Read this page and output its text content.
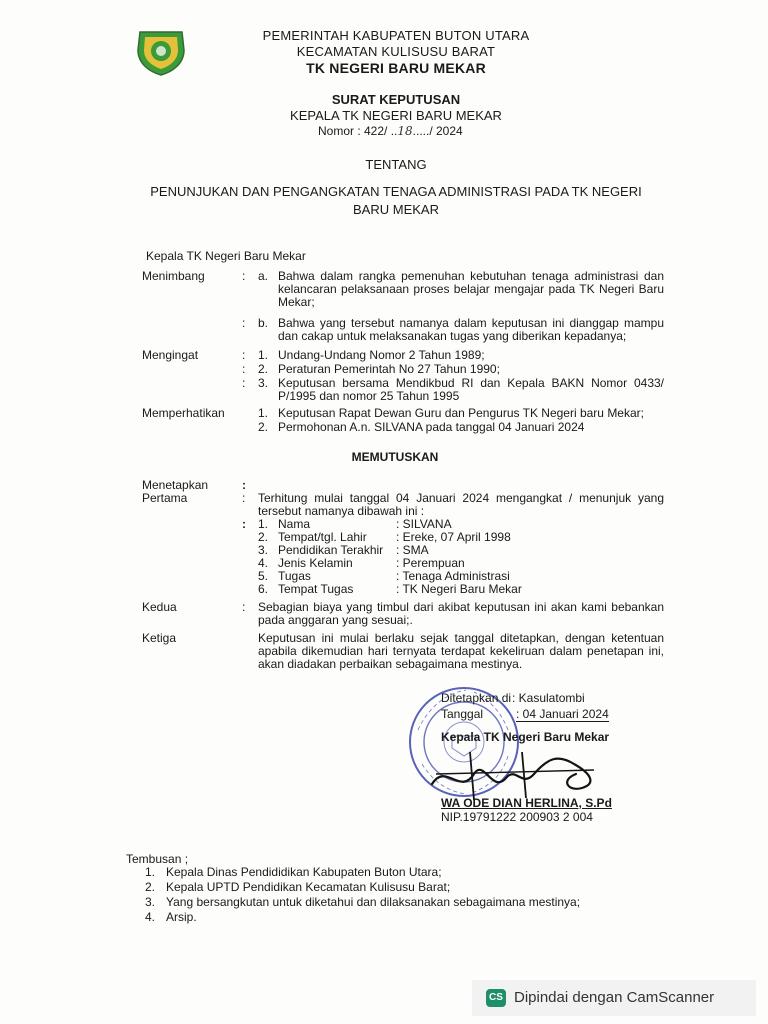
PEMERINTAH KABUPATEN BUTON UTARA
KECAMATAN KULISUSU BARAT
TK NEGERI BARU MEKAR
SURAT KEPUTUSAN
KEPALA TK NEGERI BARU MEKAR
Nomor : 422/ ..18...../ 2024
TENTANG
PENUNJUKAN DAN PENGANGKATAN TENAGA ADMINISTRASI PADA TK NEGERI
BARU MEKAR
Kepala TK Negeri Baru Mekar
Menimbang	: a. Bahwa dalam rangka pemenuhan kebutuhan tenaga administrasi dan kelancaran pelaksanaan proses belajar mengajar pada TK Negeri Baru Mekar;
: b. Bahwa yang tersebut namanya dalam keputusan ini dianggap mampu dan cakap untuk melaksanakan tugas yang diberikan kepadanya;
Mengingat	: 1. Undang-Undang Nomor 2 Tahun 1989;
: 2. Peraturan Pemerintah No 27 Tahun 1990;
: 3. Keputusan bersama Mendikbud RI dan Kepala BAKN Nomor 0433/ P/1995 dan nomor 25 Tahun 1995
Memperhatikan	1. Keputusan Rapat Dewan Guru dan Pengurus TK Negeri baru Mekar;
2. Permohonan A.n. SILVANA pada tanggal 04 Januari 2024
MEMUTUSKAN
Menetapkan	:
Pertama	: Terhitung mulai tanggal 04 Januari 2024 mengangkat / menunjuk yang tersebut namanya dibawah ini :
: 1. Nama	: SILVANA
2. Tempat/tgl. Lahir : Ereke, 07 April 1998
3. Pendidikan Terakhir : SMA
4. Jenis Kelamin	: Perempuan
5. Tugas	: Tenaga Administrasi
6. Tempat Tugas	: TK Negeri Baru Mekar
Kedua	: Sebagian biaya yang timbul dari akibat keputusan ini akan kami bebankan pada anggaran yang sesuai;.
Ketiga	Keputusan ini mulai berlaku sejak tanggal ditetapkan, dengan ketentuan apabila dikemudian hari ternyata terdapat kekeliruan dalam penetapan ini, akan diadakan perbaikan sebagaimana mestinya.
Ditetapkan di : Kasulatombi
Tanggal	: 04 Januari 2024
Kepala TK Negeri Baru Mekar
WA ODE DIAN HERLINA, S.Pd
NIP.19791222 200903 2 004
Tembusan ;
1. Kepala Dinas Pendididikan Kabupaten Buton Utara;
2. Kepala UPTD Pendidikan Kecamatan Kulisusu Barat;
3. Yang bersangkutan untuk diketahui dan dilaksanakan sebagaimana mestinya;
4. Arsip.
CS Dipindai dengan CamScanner
